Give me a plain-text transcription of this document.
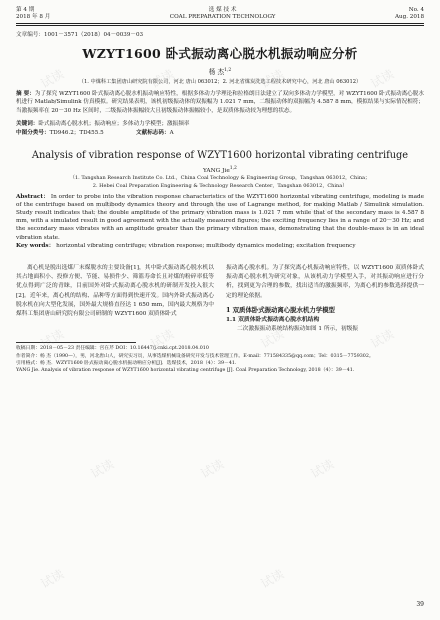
第 4 期
2018 年 8 月
选 煤 技 术
COAL PREPARATION TECHNOLOGY
No. 4
Aug. 2018
文章编号：1001－3571（2018）04－0039－03
WZYT1600 卧式振动离心脱水机振动响应分析
杨 杰$^{1,2}$
（1. 中煤科工集团唐山研究院有限公司，河北 唐山 063012；2. 河北省煤炭洗选工程技术研究中心，河北 唐山 063012）
摘 要：为了探究 WZYT1600 卧式振动离心脱水机振动响应特性，根据多体动力学理论和拉格朗日法建立了双向多体动力学模型，对 WZYT1600 卧式振动离心脱水机进行 Matlab/Simulink 仿真模拟。研究结果表明，该机初级振动体的双振幅为 1.021 7 mm，二级振动体的双振幅为 4.587 8 mm，模拟结果与实际情况相符；当激振频率在 20－30 Hz 区间时，二级振动体振幅较大且初级振动体振幅较小，是双质体振动较为理想的状态。
关键词：卧式振动离心脱水机；振动响应；多体动力学模型；激振频率
中图分类号：TD946.2；TD455.5	文献标志码：A
Analysis of vibration response of WZYT1600 horizontal vibrating centrifuge
YANG Jie$^{1,2}$
（1. Tangshan Research Institute Co. Ltd.，China Coal Technology & Engineering Group，Tangshan 063012，China；
2. Hebei Coal Preparation Engineering & Technology Research Center，Tangshan 063012，China）
Abstract： In order to probe into the vibration response characteristics of the WZYT1600 horizontal vibrating centrifuge, modeling is made of the centrifuge based on multibody dynamics theory and through the use of Lagrange method, for making Matlab / Simulink simulation. Study result indicates that: the double amplitude of the primary vibration mass is 1.021 7 mm while that of the secondary mass is 4.587 8 mm, with a simulated result in good agreement with the actually measured figures; the exciting frequency lies in a range of 20－30 Hz; and the secondary mass vibrates with an amplitude greater than the primary vibration mass, demonstrating that the double-mass is in an ideal vibration state.
Key words： horizontal vibrating centrifuge; vibration response; multibody dynamics modeling; excitation frequency
离心机是脱出选煤厂末煤脱水的主要设备[1]，其中卧式振动离心脱水机以其占地面积小、投修方便、节能、易损件少、筛篮寿命长且对煤的粉碎率低等优点得到广泛的青睐，目前国外对卧式振动离心脱水机的研制开发投入很大[2]。近年来，离心机的结构、品种等方面得到快速开发。国内外卧式振动离心脱水机在向大型化发展，国外最大规格直径达 1 650 mm，国内最大规格为中煤科工集团唐山研究院有限公司研制的 WZYT1600 双质体卧式
振动离心脱水机。为了探究离心机振动响应特性，以 WZYT1600 双质体卧式振动离心脱水机为研究对象，从该机动力学模型入手，对其振动响应进行分析，找到更为合理的参数，找出适当的激振频率，为离心机的参数选择提供一定的理论依据。
1 双质体卧式振动离心脱水机力学模型
1.1 双质体卧式振动离心脱水机结构
二次激振振动系统结构振动如图 1 所示，初级振
收稿日期：2018－05－23 责任编辑：宫在芹 DOI：10.16447/j.cnki.cpt.2018.04.010
作者简介：杨 杰（1990—），男，河北唐山人，研究实习员，从事选煤机械设备研究开发与技术管理工作。E-mail：771584335@qq.com；Tel：0315－7759302。
引用格式：杨 杰．WZYT1600 卧式振动离心脱水机振动响应分析[J]．选煤技术，2018（4）：39－41.
YANG Jie. Analysis of vibration response of WZYT1600 horizontal vibrating centrifuge [J]. Coal Preparation Technology, 2018（4）：39－41.
39
试读	试读	试读	试读
试读	试读	试读
试读	试读	试读	试读
试读	试读	试读
试读	试读
